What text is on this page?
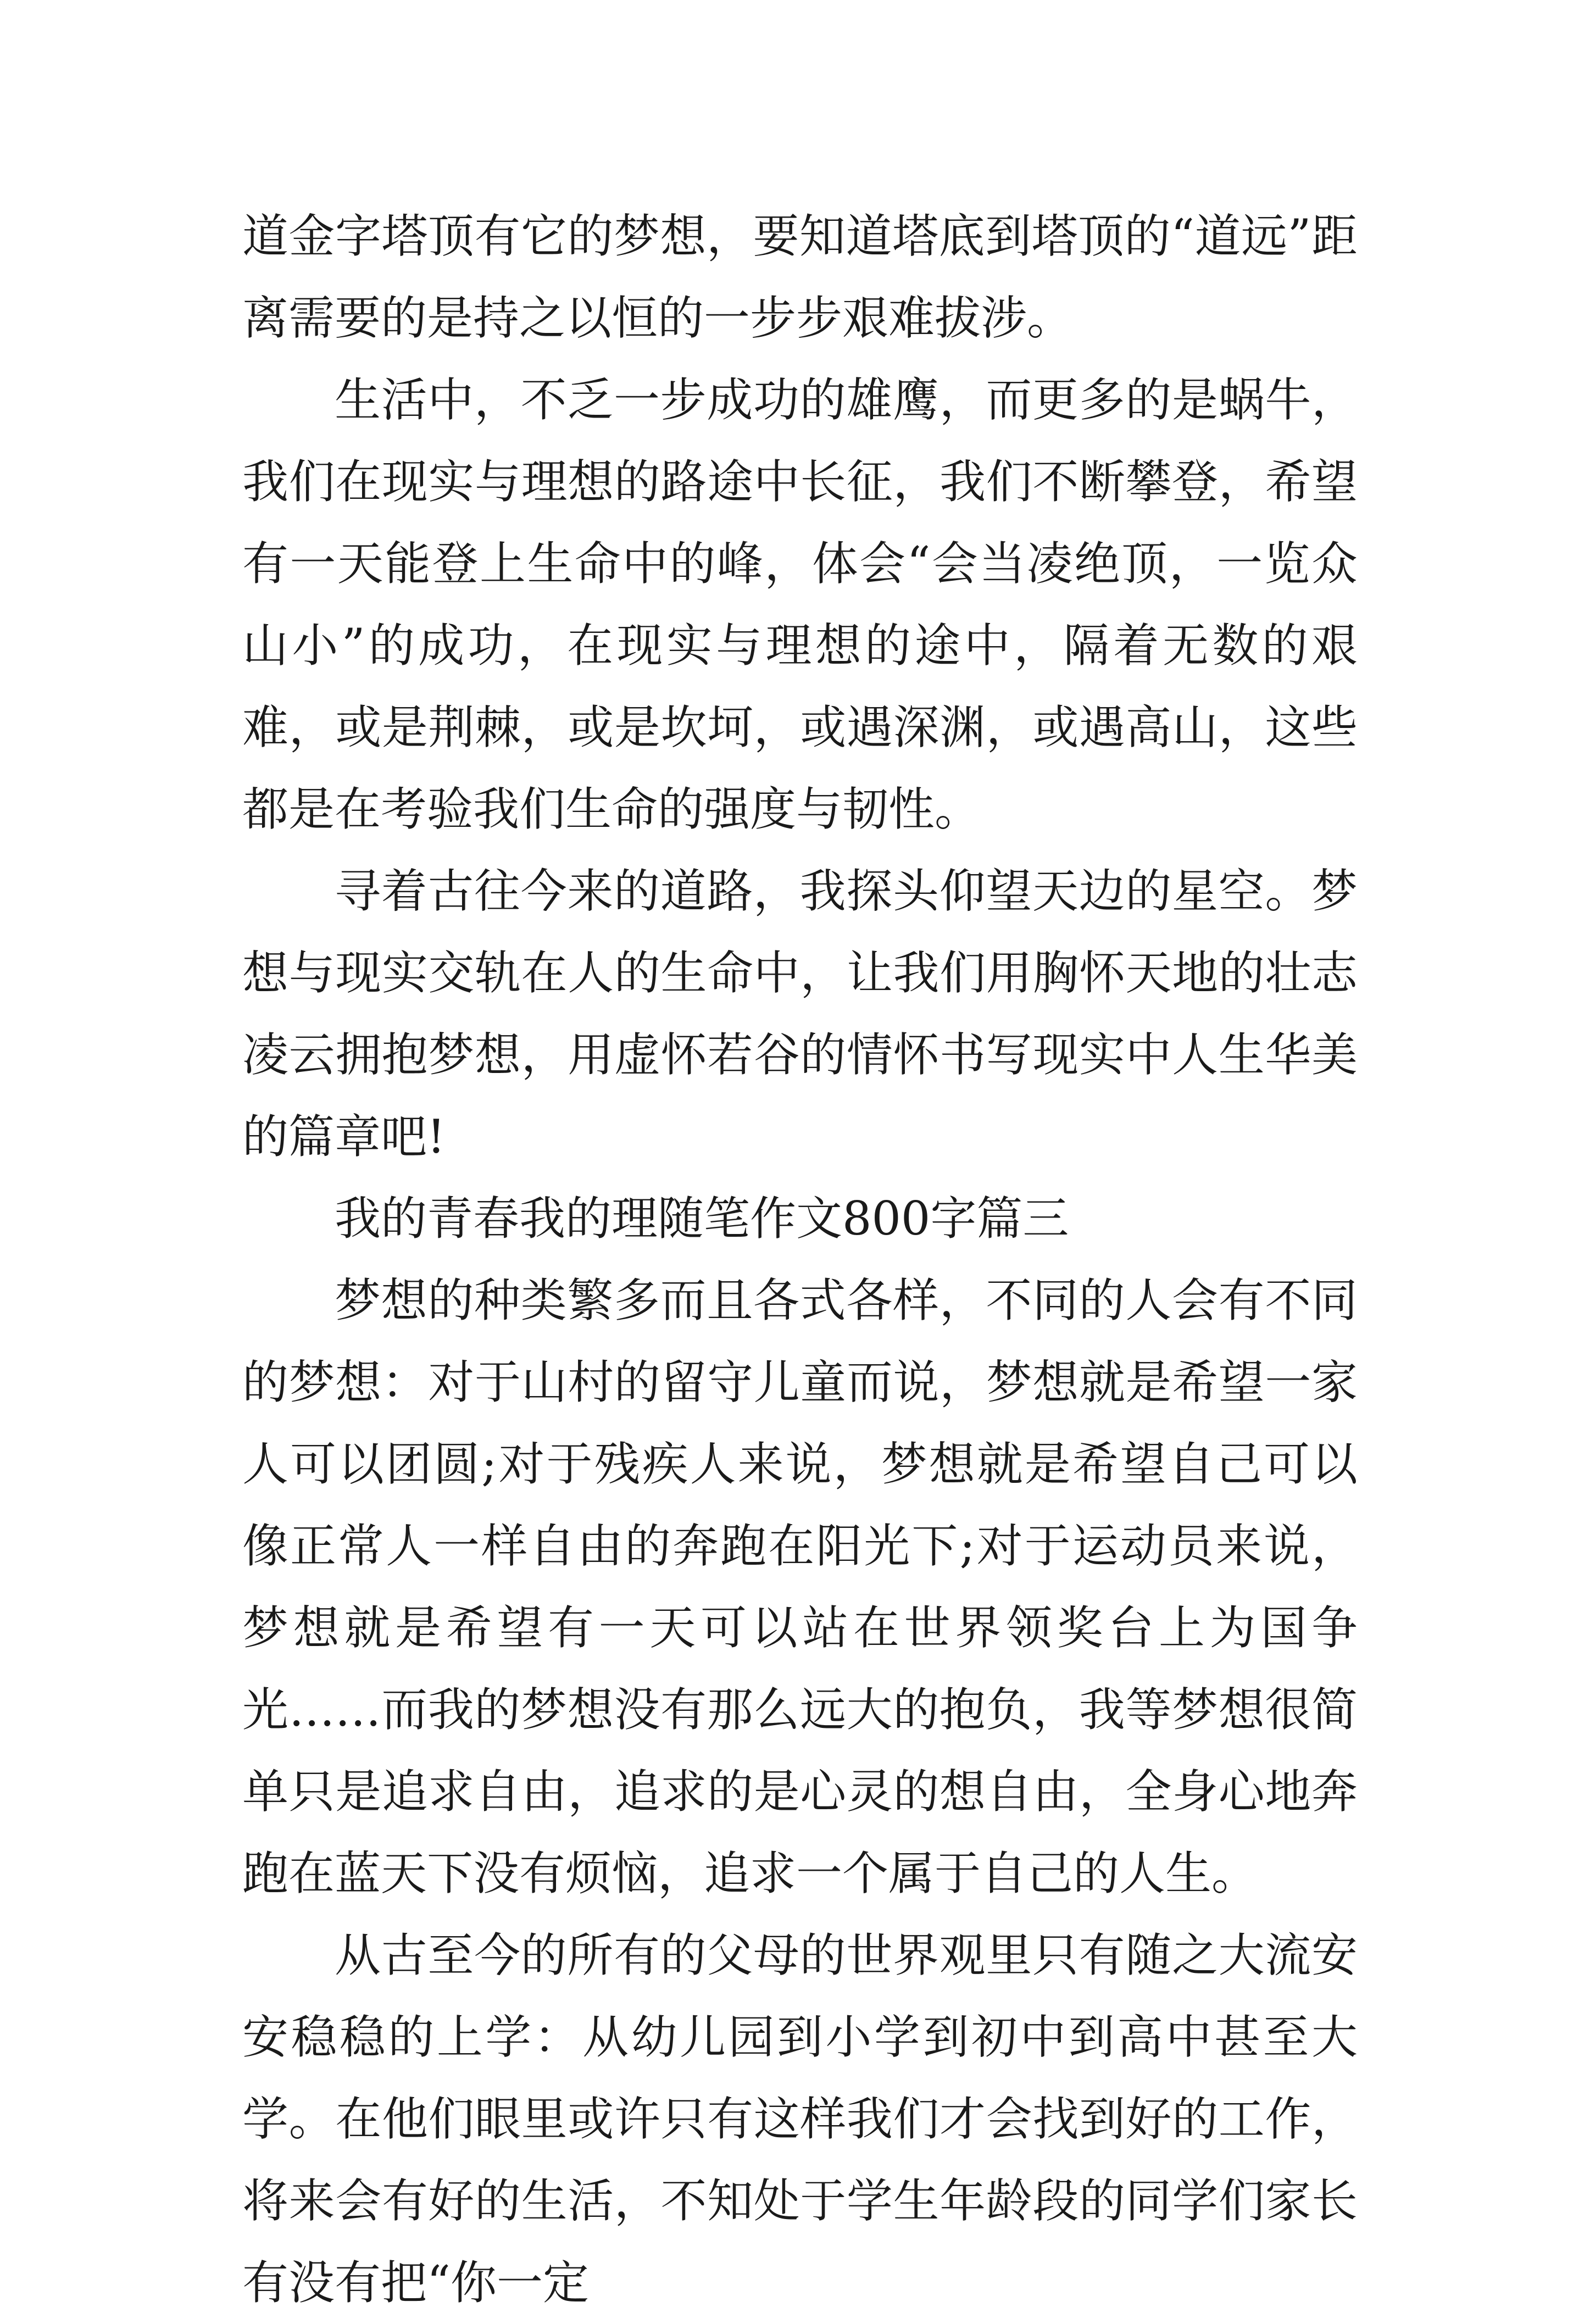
道金字塔顶有它的梦想，要知道塔底到塔顶的“道远”距离需要的是持之以恒的一步步艰难拔涉。

生活中，不乏一步成功的雄鹰，而更多的是蜗牛，我们在现实与理想的路途中长征，我们不断攀登，希望有一天能登上生命中的峰，体会“会当凌绝顶，一览众山小”的成功，在现实与理想的途中，隔着无数的艰难，或是荆棘，或是坎坷，或遇深渊，或遇高山，这些都是在考验我们生命的强度与韧性。

寻着古往今来的道路，我探头仰望天边的星空。梦想与现实交轨在人的生命中，让我们用胸怀天地的壮志凌云拥抱梦想，用虚怀若谷的情怀书写现实中人生华美的篇章吧!

我的青春我的理随笔作文800字篇三

梦想的种类繁多而且各式各样，不同的人会有不同的梦想：对于山村的留守儿童而说，梦想就是希望一家人可以团圆;对于残疾人来说，梦想就是希望自己可以像正常人一样自由的奔跑在阳光下;对于运动员来说，梦想就是希望有一天可以站在世界领奖台上为国争光……而我的梦想没有那么远大的抱负，我等梦想很简单只是追求自由，追求的是心灵的想自由，全身心地奔跑在蓝天下没有烦恼，追求一个属于自己的人生。

从古至今的所有的父母的世界观里只有随之大流安安稳稳的上学：从幼儿园到小学到初中到高中甚至大学。在他们眼里或许只有这样我们才会找到好的工作，将来会有好的生活，不知处于学生年龄段的同学们家长有没有把“你一定
